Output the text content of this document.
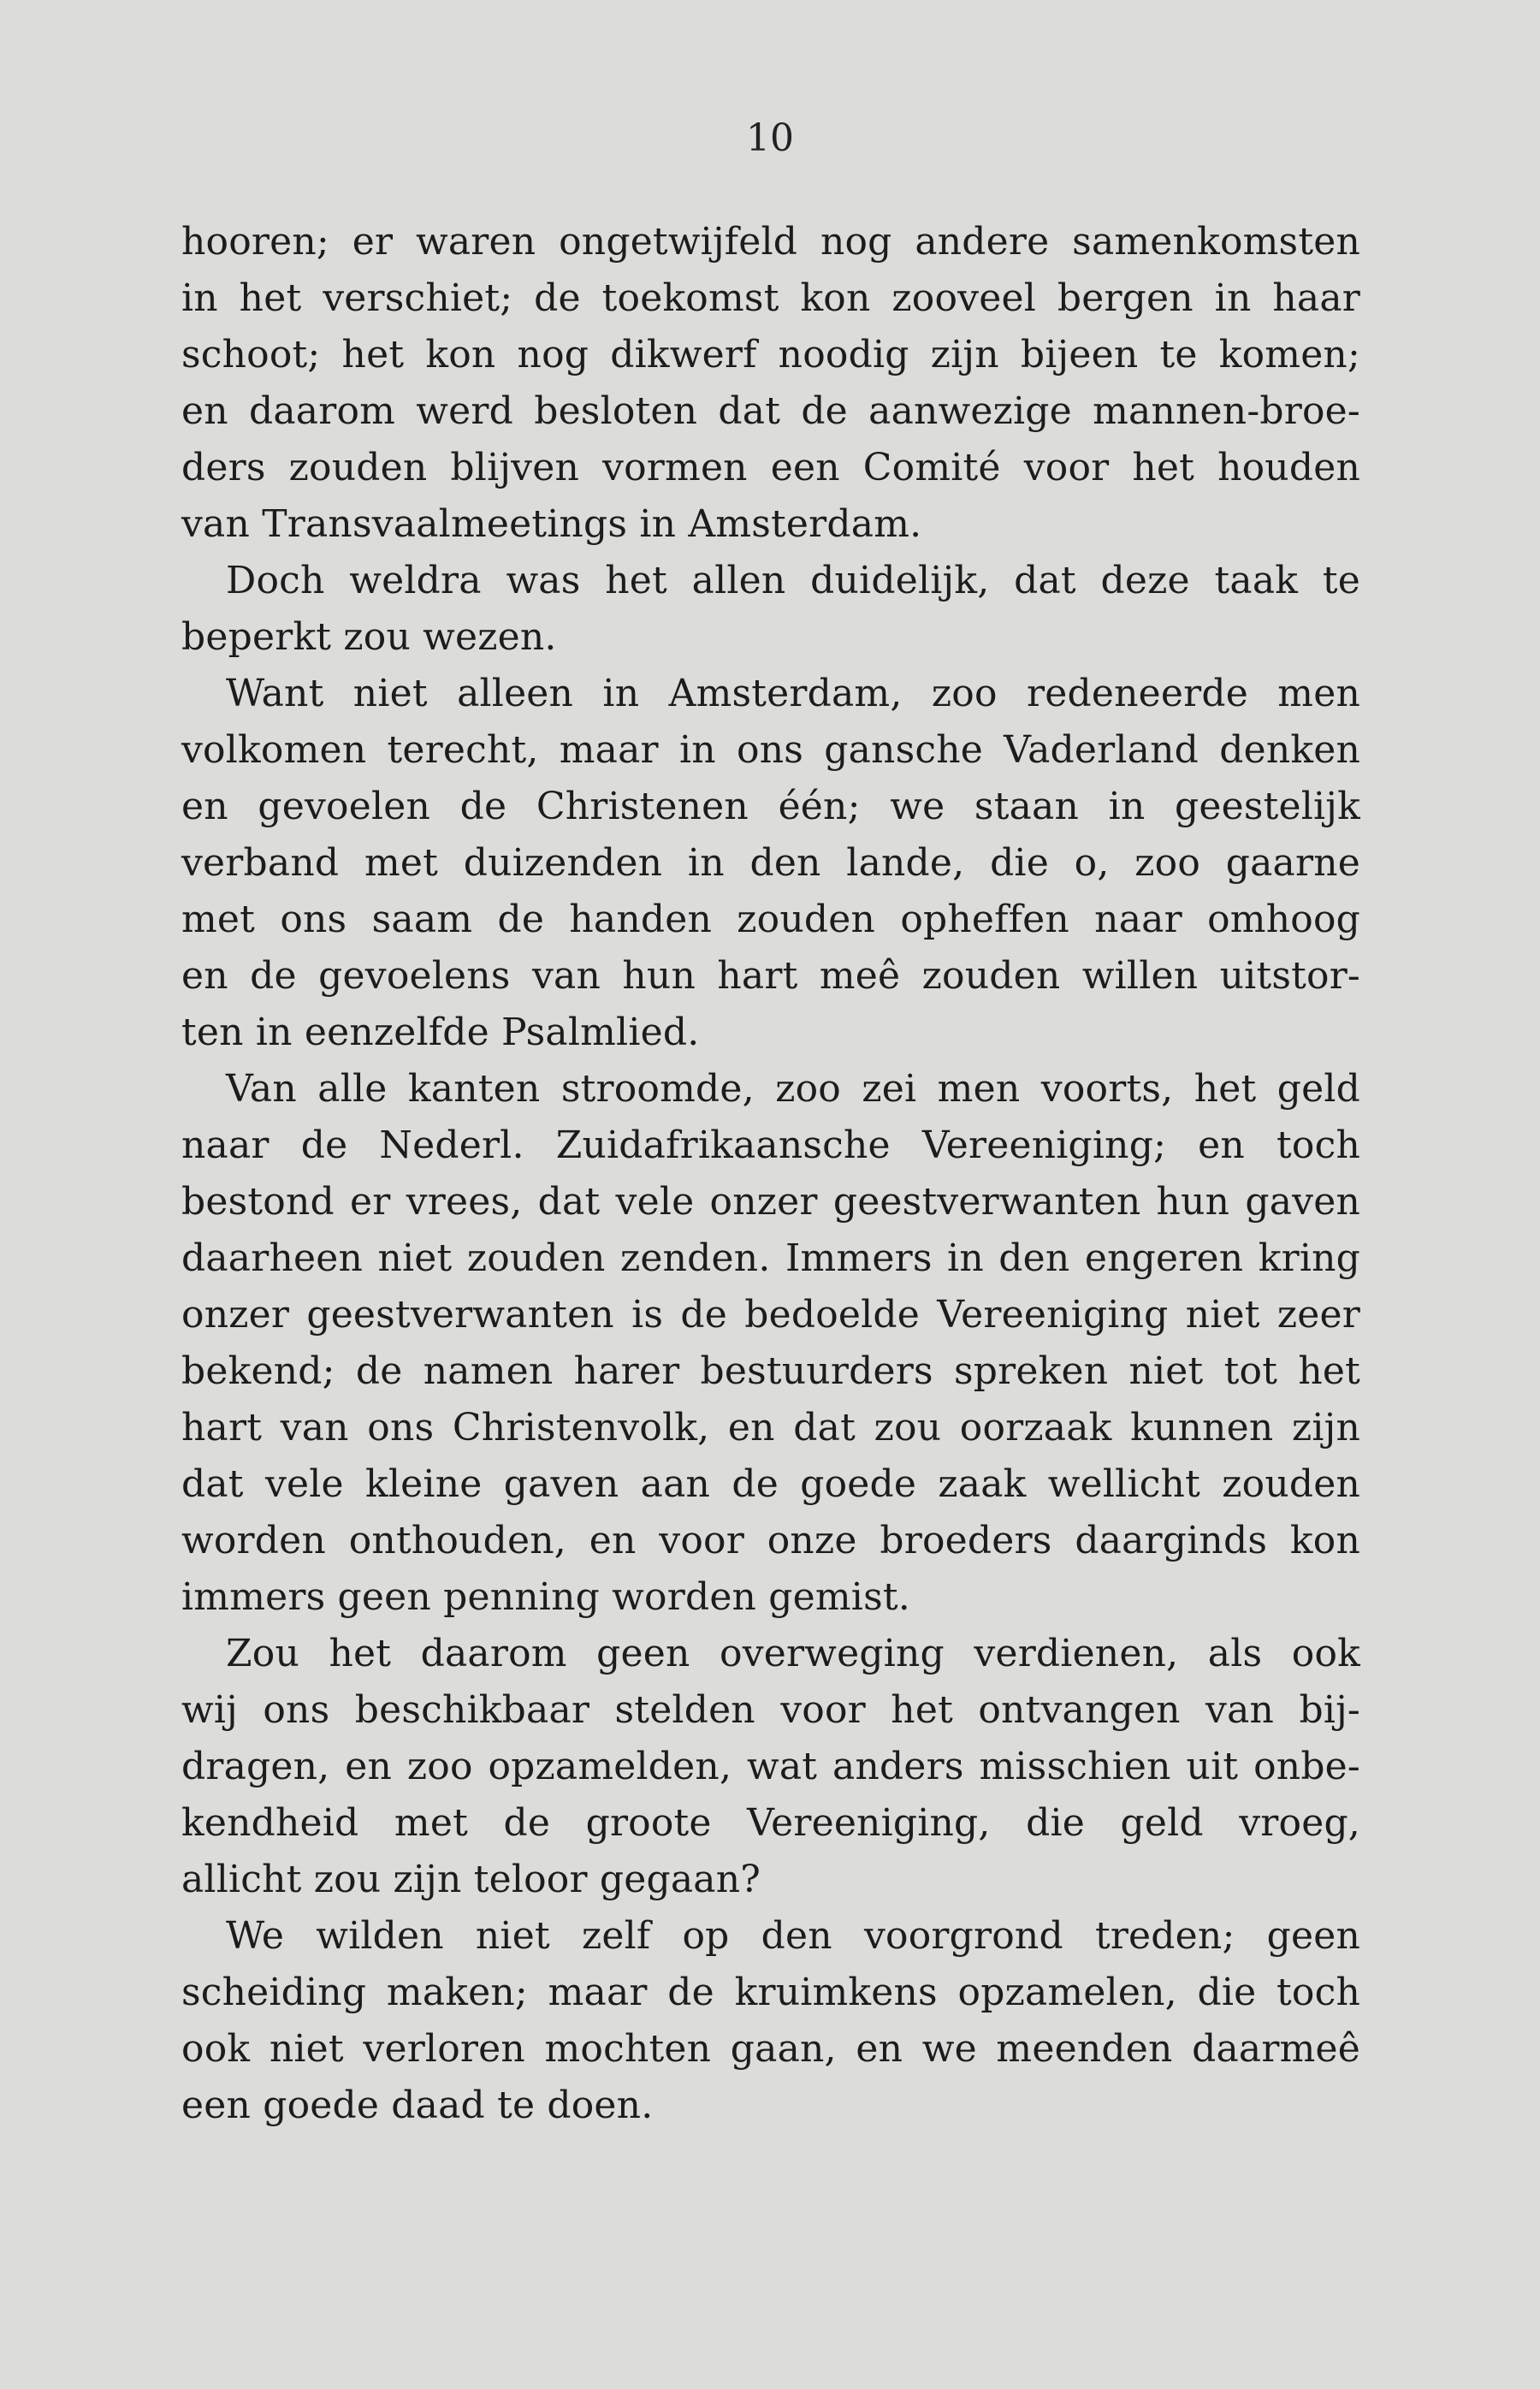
10
hooren; er waren ongetwijfeld nog andere samenkomsten
in het verschiet; de toekomst kon zooveel bergen in haar
schoot; het kon nog dikwerf noodig zijn bijeen te komen;
en daarom werd besloten dat de aanwezige mannen-broe-
ders zouden blijven vormen een Comité voor het houden
van Transvaalmeetings in Amsterdam.
Doch weldra was het allen duidelijk, dat deze taak te
beperkt zou wezen.
Want niet alleen in Amsterdam, zoo redeneerde men
volkomen terecht, maar in ons gansche Vaderland denken
en gevoelen de Christenen één; we staan in geestelijk
verband met duizenden in den lande, die o, zoo gaarne
met ons saam de handen zouden opheffen naar omhoog
en de gevoelens van hun hart meê zouden willen uitstor-
ten in eenzelfde Psalmlied.
Van alle kanten stroomde, zoo zei men voorts, het geld
naar de Nederl. Zuidafrikaansche Vereeniging; en toch
bestond er vrees, dat vele onzer geestverwanten hun gaven
daarheen niet zouden zenden. Immers in den engeren kring
onzer geestverwanten is de bedoelde Vereeniging niet zeer
bekend; de namen harer bestuurders spreken niet tot het
hart van ons Christenvolk, en dat zou oorzaak kunnen zijn
dat vele kleine gaven aan de goede zaak wellicht zouden
worden onthouden, en voor onze broeders daarginds kon
immers geen penning worden gemist.
Zou het daarom geen overweging verdienen, als ook
wij ons beschikbaar stelden voor het ontvangen van bij-
dragen, en zoo opzamelden, wat anders misschien uit onbe-
kendheid met de groote Vereeniging, die geld vroeg,
allicht zou zijn teloor gegaan?
We wilden niet zelf op den voorgrond treden; geen
scheiding maken; maar de kruimkens opzamelen, die toch
ook niet verloren mochten gaan, en we meenden daarmeê
een goede daad te doen.
